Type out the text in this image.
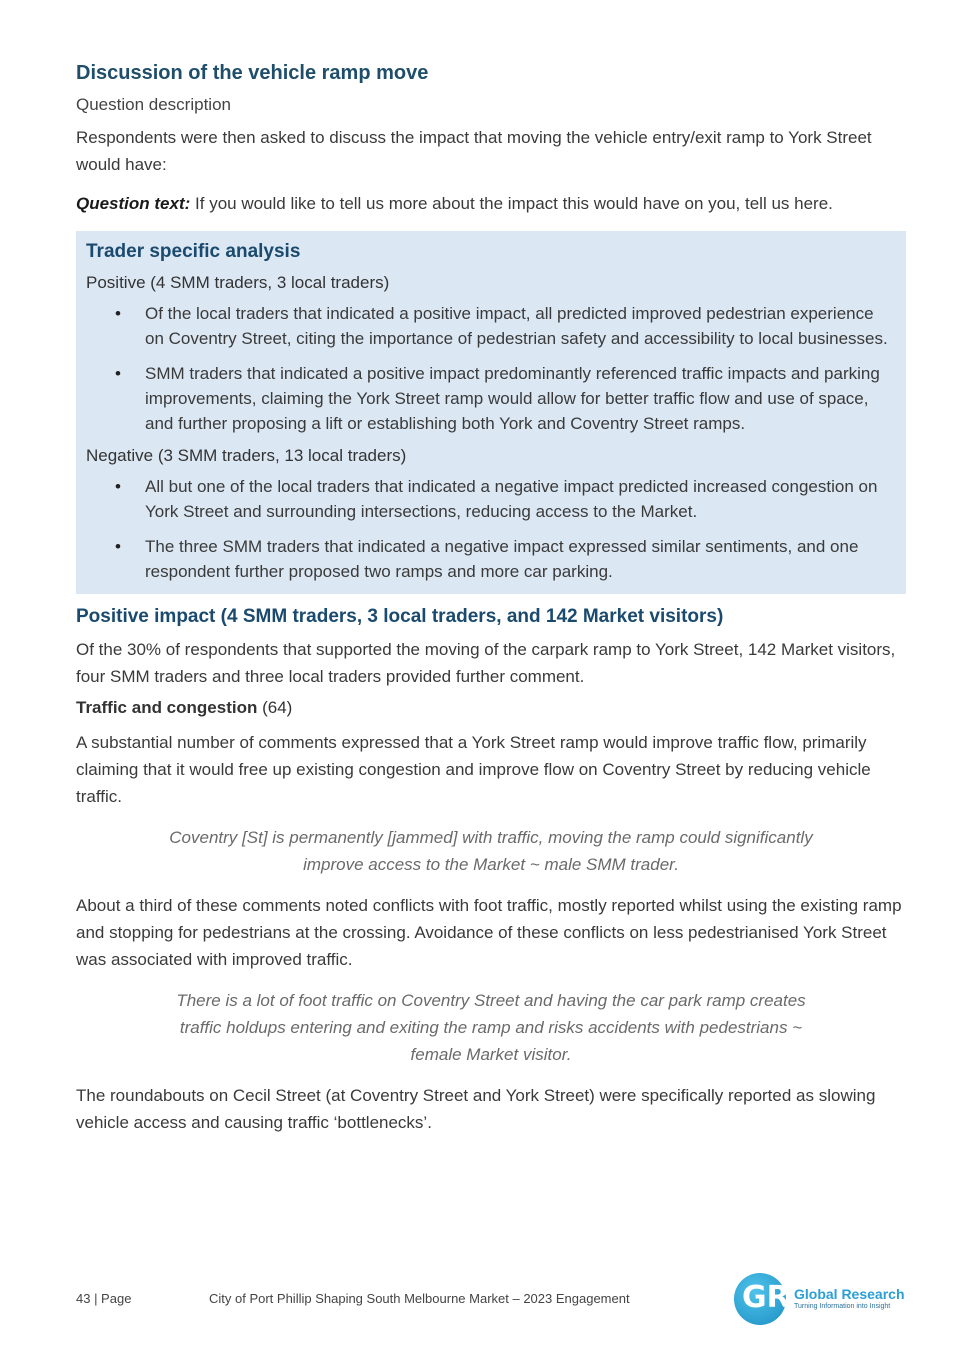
Discussion of the vehicle ramp move
Question description

Respondents were then asked to discuss the impact that moving the vehicle entry/exit ramp to York Street would have:

Question text: If you would like to tell us more about the impact this would have on you, tell us here.

Trader specific analysis
Positive (4 SMM traders, 3 local traders)
• Of the local traders that indicated a positive impact, all predicted improved pedestrian experience on Coventry Street, citing the importance of pedestrian safety and accessibility to local businesses.
• SMM traders that indicated a positive impact predominantly referenced traffic impacts and parking improvements, claiming the York Street ramp would allow for better traffic flow and use of space, and further proposing a lift or establishing both York and Coventry Street ramps.
Negative (3 SMM traders, 13 local traders)
• All but one of the local traders that indicated a negative impact predicted increased congestion on York Street and surrounding intersections, reducing access to the Market.
• The three SMM traders that indicated a negative impact expressed similar sentiments, and one respondent further proposed two ramps and more car parking.
Positive impact (4 SMM traders, 3 local traders, and 142 Market visitors)

Of the 30% of respondents that supported the moving of the carpark ramp to York Street, 142 Market visitors, four SMM traders and three local traders provided further comment.

Traffic and congestion (64)

A substantial number of comments expressed that a York Street ramp would improve traffic flow, primarily claiming that it would free up existing congestion and improve flow on Coventry Street by reducing vehicle traffic.

Coventry [St] is permanently [jammed] with traffic, moving the ramp could significantly improve access to the Market ~ male SMM trader.

About a third of these comments noted conflicts with foot traffic, mostly reported whilst using the existing ramp and stopping for pedestrians at the crossing. Avoidance of these conflicts on less pedestrianised York Street was associated with improved traffic.

There is a lot of foot traffic on Coventry Street and having the car park ramp creates traffic holdups entering and exiting the ramp and risks accidents with pedestrians ~ female Market visitor.

The roundabouts on Cecil Street (at Coventry Street and York Street) were specifically reported as slowing vehicle access and causing traffic ‘bottlenecks’.

43 | Page	City of Port Phillip Shaping South Melbourne Market – 2023 Engagement	GR Global Research
Turning Information into Insight
